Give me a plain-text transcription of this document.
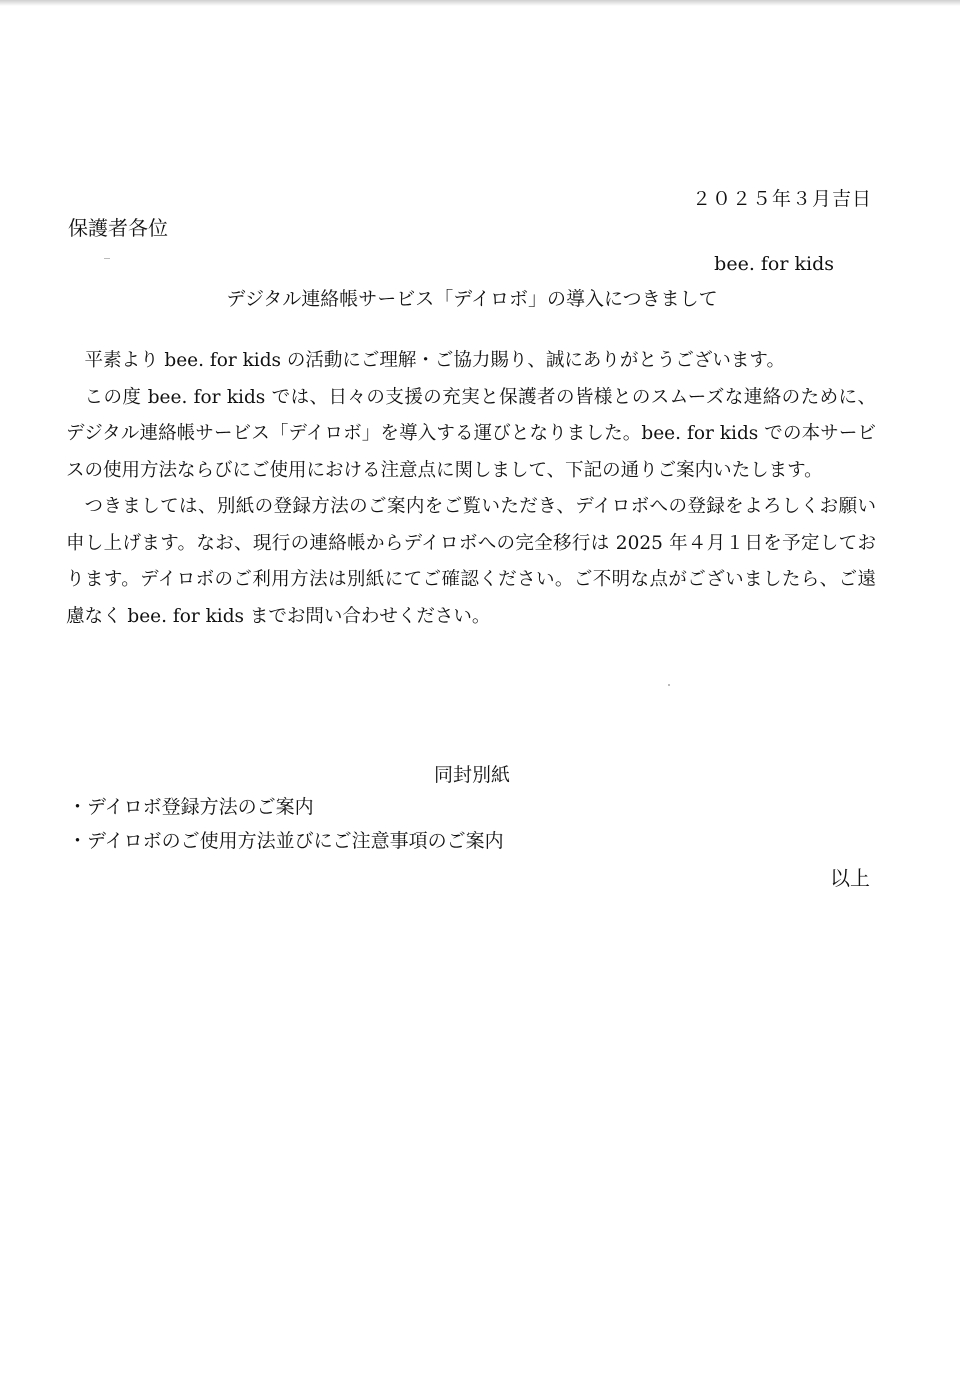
２０２５年３月吉日
保護者各位
bee. for kids
デジタル連絡帳サービス「デイロボ」の導入につきまして

平素より bee. for kids の活動にご理解・ご協力賜り、誠にありがとうございます。

この度 bee. for kids では、日々の支援の充実と保護者の皆様とのスムーズな連絡のために、デジタル連絡帳サービス「デイロボ」を導入する運びとなりました。bee. for kids での本サービスの使用方法ならびにご使用における注意点に関しまして、下記の通りご案内いたします。

つきましては、別紙の登録方法のご案内をご覧いただき、デイロボへの登録をよろしくお願い申し上げます。なお、現行の連絡帳からデイロボへの完全移行は 2025 年４月１日を予定しております。デイロボのご利用方法は別紙にてご確認ください。ご不明な点がございましたら、ご遠慮なく bee. for kids までお問い合わせください。

同封別紙
・デイロボ登録方法のご案内
・デイロボのご使用方法並びにご注意事項のご案内
以上
